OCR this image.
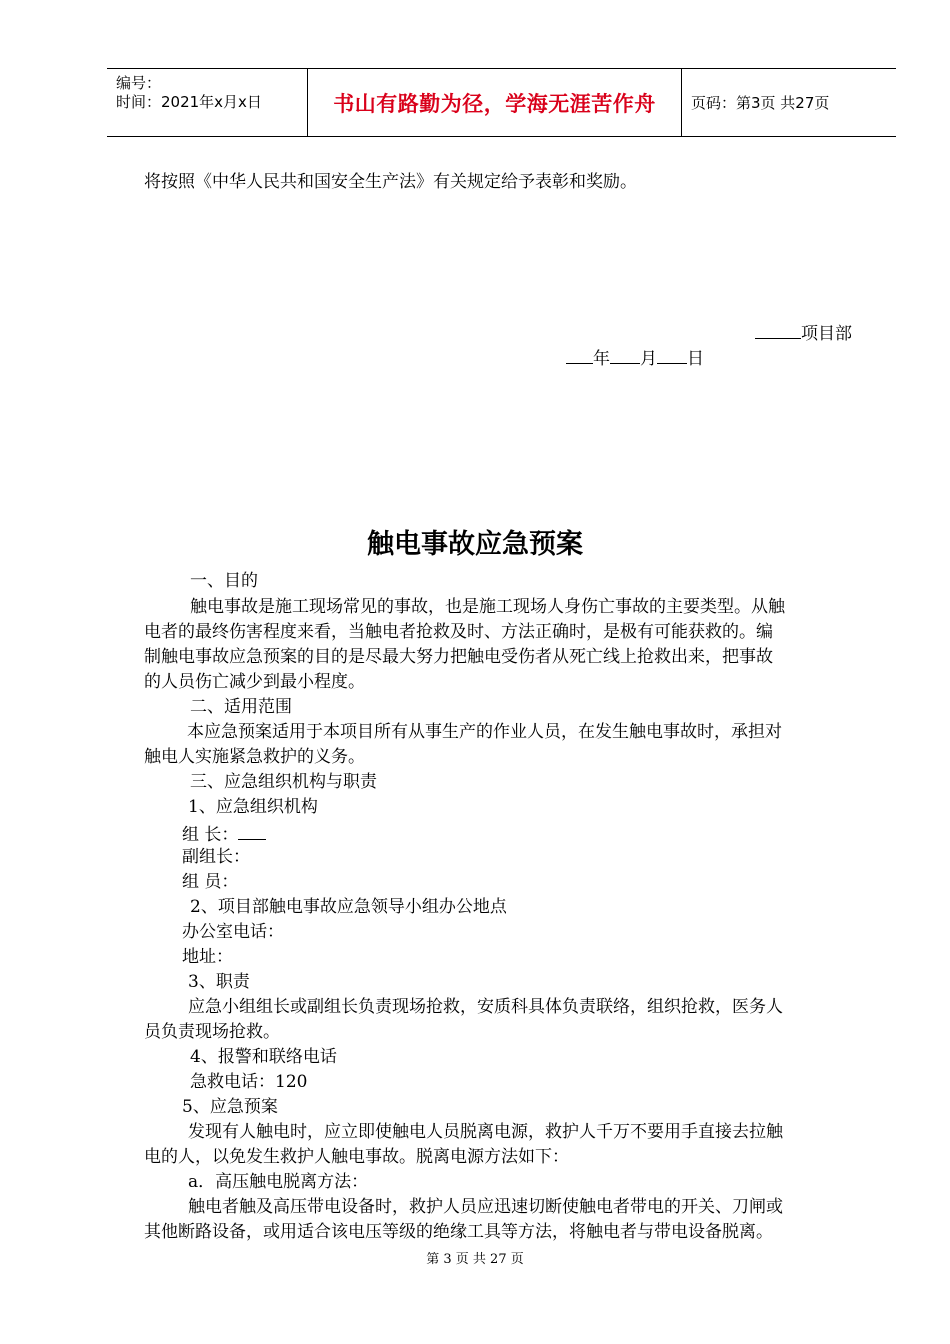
编号：
时间：2021年x月x日	书山有路勤为径，学海无涯苦作舟	页码：第3页 共27页
将按照《中华人民共和国安全生产法》有关规定给予表彰和奖励。
项目部
年 月 日
触电事故应急预案
一、目的
触电事故是施工现场常见的事故，也是施工现场人身伤亡事故的主要类型。从触
电者的最终伤害程度来看，当触电者抢救及时、方法正确时，是极有可能获救的。编
制触电事故应急预案的目的是尽最大努力把触电受伤者从死亡线上抢救出来，把事故
的人员伤亡减少到最小程度。
二、适用范围
本应急预案适用于本项目所有从事生产的作业人员，在发生触电事故时，承担对
触电人实施紧急救护的义务。
三、应急组织机构与职责
1、应急组织机构
组 长：
副组长：
组 员：
2、项目部触电事故应急领导小组办公地点
办公室电话：
地址：
3、职责
应急小组组长或副组长负责现场抢救，安质科具体负责联络，组织抢救，医务人
员负责现场抢救。
4、报警和联络电话
急救电话：120
5、应急预案
发现有人触电时，应立即使触电人员脱离电源，救护人千万不要用手直接去拉触
电的人，以免发生救护人触电事故。脱离电源方法如下：
a．高压触电脱离方法：
触电者触及高压带电设备时，救护人员应迅速切断使触电者带电的开关、刀闸或
其他断路设备，或用适合该电压等级的绝缘工具等方法，将触电者与带电设备脱离。
第 3 页 共 27 页
